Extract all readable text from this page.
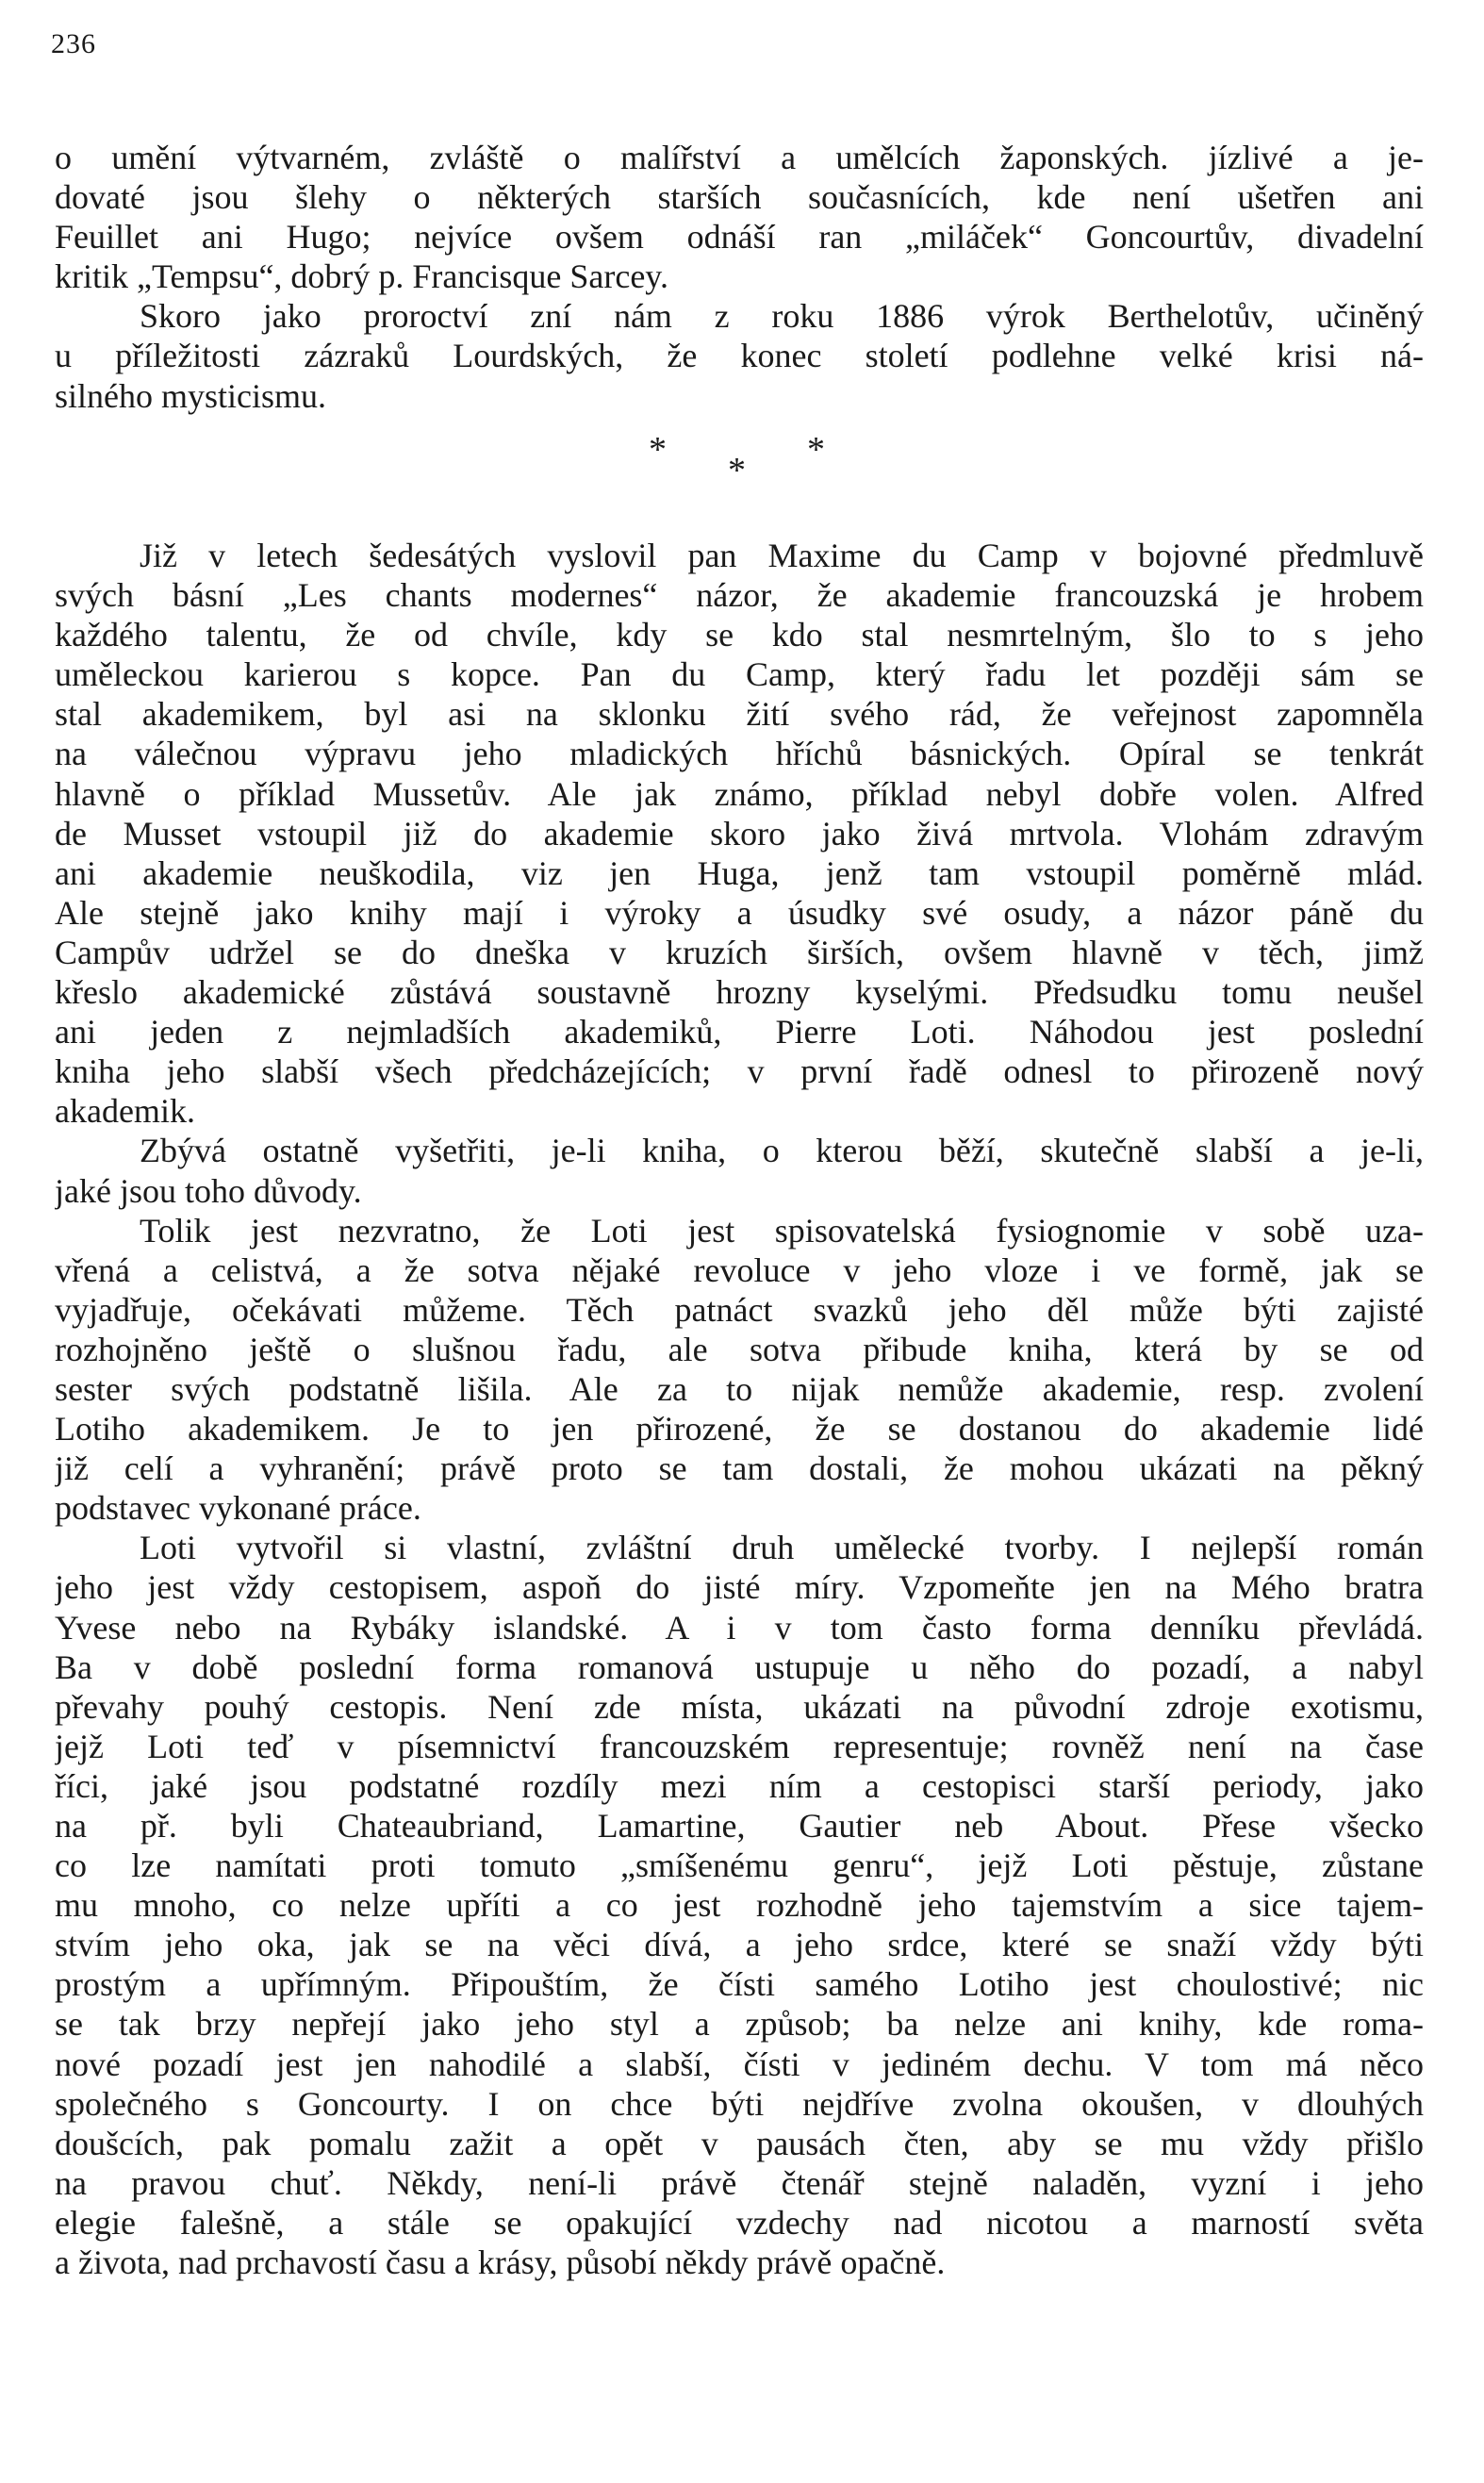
236
o umění výtvarném, zvláště o malířství a umělcích žaponských. jízlivé a je-
dovaté jsou šlehy o některých starších současnících, kde není ušetřen ani
Feuillet ani Hugo; nejvíce ovšem odnáší ran „miláček“ Goncourtův, divadelní
kritik „Tempsu“, dobrý p. Francisque Sarcey.
Skoro jako proroctví zní nám z roku 1886 výrok Berthelotův, učiněný
u příležitosti zázraků Lourdských, že konec století podlehne velké krisi ná-
silného mysticismu.
*
*
*
Již v letech šedesátých vyslovil pan Maxime du Camp v bojovné předmluvě
svých básní „Les chants modernes“ názor, že akademie francouzská je hrobem
každého talentu, že od chvíle, kdy se kdo stal nesmrtelným, šlo to s jeho
uměleckou karierou s kopce. Pan du Camp, který řadu let později sám se
stal akademikem, byl asi na sklonku žití svého rád, že veřejnost zapomněla
na válečnou výpravu jeho mladických hříchů básnických. Opíral se tenkrát
hlavně o příklad Mussetův. Ale jak známo, příklad nebyl dobře volen. Alfred
de Musset vstoupil již do akademie skoro jako živá mrtvola. Vlohám zdravým
ani akademie neuškodila, viz jen Huga, jenž tam vstoupil poměrně mlád.
Ale stejně jako knihy mají i výroky a úsudky své osudy, a názor páně du
Campův udržel se do dneška v kruzích širších, ovšem hlavně v těch, jimž
křeslo akademické zůstává soustavně hrozny kyselými. Předsudku tomu neušel
ani jeden z nejmladších akademiků, Pierre Loti. Náhodou jest poslední
kniha jeho slabší všech předcházejících; v první řadě odnesl to přirozeně nový
akademik.
Zbývá ostatně vyšetřiti, je-li kniha, o kterou běží, skutečně slabší a je-li,
jaké jsou toho důvody.
Tolik jest nezvratno, že Loti jest spisovatelská fysiognomie v sobě uza-
vřená a celistvá, a že sotva nějaké revoluce v jeho vloze i ve formě, jak se
vyjadřuje, očekávati můžeme. Těch patnáct svazků jeho děl může býti zajisté
rozhojněno ještě o slušnou řadu, ale sotva přibude kniha, která by se od
sester svých podstatně lišila. Ale za to nijak nemůže akademie, resp. zvolení
Lotiho akademikem. Je to jen přirozené, že se dostanou do akademie lidé
již celí a vyhranění; právě proto se tam dostali, že mohou ukázati na pěkný
podstavec vykonané práce.
Loti vytvořil si vlastní, zvláštní druh umělecké tvorby. I nejlepší román
jeho jest vždy cestopisem, aspoň do jisté míry. Vzpomeňte jen na Mého bratra
Yvese nebo na Rybáky islandské. A i v tom často forma denníku převládá.
Ba v době poslední forma romanová ustupuje u něho do pozadí, a nabyl
převahy pouhý cestopis. Není zde místa, ukázati na původní zdroje exotismu,
jejž Loti teď v písemnictví francouzském representuje; rovněž není na čase
říci, jaké jsou podstatné rozdíly mezi ním a cestopisci starší periody, jako
na př. byli Chateaubriand, Lamartine, Gautier neb About. Přese všecko
co lze namítati proti tomuto „smíšenému genru“, jejž Loti pěstuje, zůstane
mu mnoho, co nelze upříti a co jest rozhodně jeho tajemstvím a sice tajem-
stvím jeho oka, jak se na věci dívá, a jeho srdce, které se snaží vždy býti
prostým a upřímným. Připouštím, že čísti samého Lotiho jest choulostivé; nic
se tak brzy nepřejí jako jeho styl a způsob; ba nelze ani knihy, kde roma-
nové pozadí jest jen nahodilé a slabší, čísti v jediném dechu. V tom má něco
společného s Goncourty. I on chce býti nejdříve zvolna okoušen, v dlouhých
doušcích, pak pomalu zažit a opět v pausách čten, aby se mu vždy přišlo
na pravou chuť. Někdy, není-li právě čtenář stejně naladěn, vyzní i jeho
elegie falešně, a stále se opakující vzdechy nad nicotou a marností světa
a života, nad prchavostí času a krásy, působí někdy právě opačně.
